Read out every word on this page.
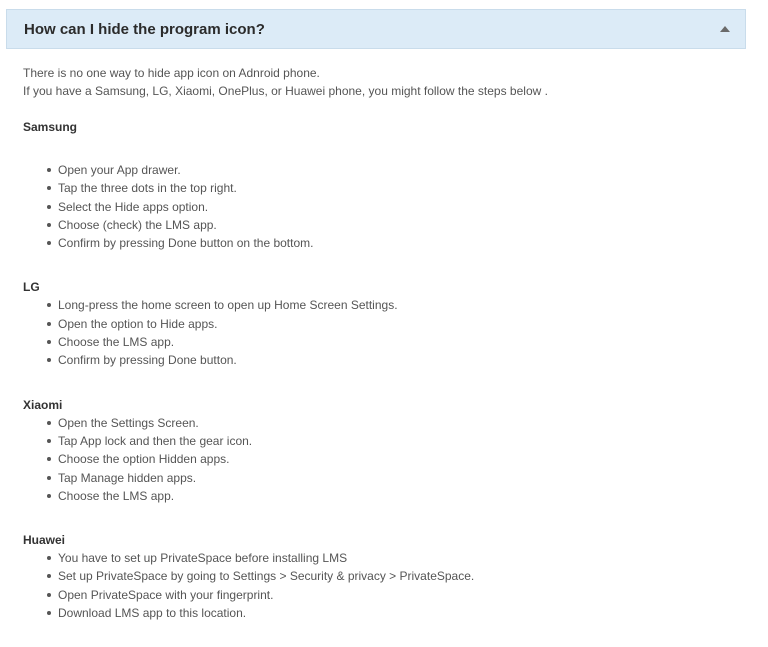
How can I hide the program icon?

There is no one way to hide app icon on Adnroid phone.
If you have a Samsung, LG, Xiaomi, OnePlus, or Huawei phone, you might follow the steps below .

Samsung
Open your App drawer.
Tap the three dots in the top right.
Select the Hide apps option.
Choose (check) the LMS app.
Confirm by pressing Done button on the bottom.
LG
Long-press the home screen to open up Home Screen Settings.
Open the option to Hide apps.
Choose the LMS app.
Confirm by pressing Done button.
Xiaomi
Open the Settings Screen.
Tap App lock and then the gear icon.
Choose the option Hidden apps.
Tap Manage hidden apps.
Choose the LMS app.
Huawei
You have to set up PrivateSpace before installing LMS
Set up PrivateSpace by going to Settings > Security & privacy > PrivateSpace.
Open PrivateSpace with your fingerprint.
Download LMS app to this location.
